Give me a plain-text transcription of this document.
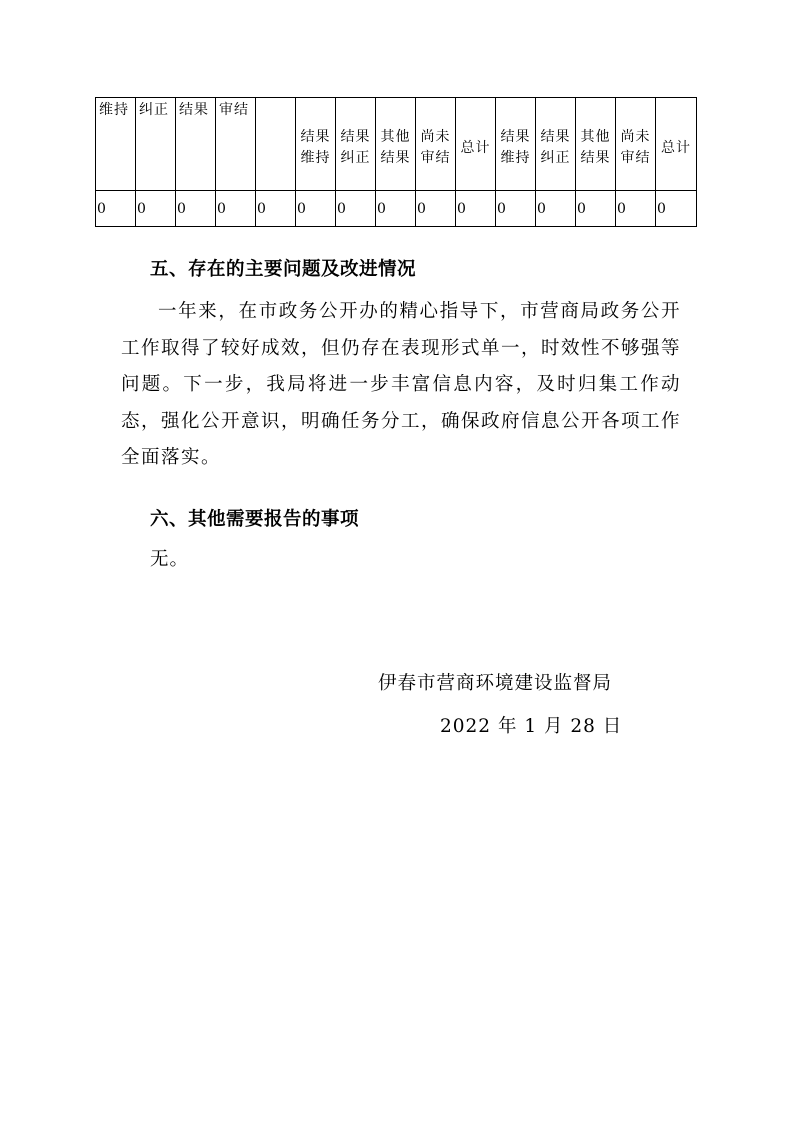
维持	纠正	结果	审结		结果维持	结果纠正	其他结果	尚未审结	总计	结果维持	结果纠正	其他结果	尚未审结	总计
0	0	0	0	0	0	0	0	0	0	0	0	0	0	0
五、存在的主要问题及改进情况

一年来，在市政务公开办的精心指导下，市营商局政务公开工作取得了较好成效，但仍存在表现形式单一，时效性不够强等问题。下一步，我局将进一步丰富信息内容，及时归集工作动态，强化公开意识，明确任务分工，确保政府信息公开各项工作全面落实。

六、其他需要报告的事项
无。
伊春市营商环境建设监督局
2022 年 1 月 28 日
